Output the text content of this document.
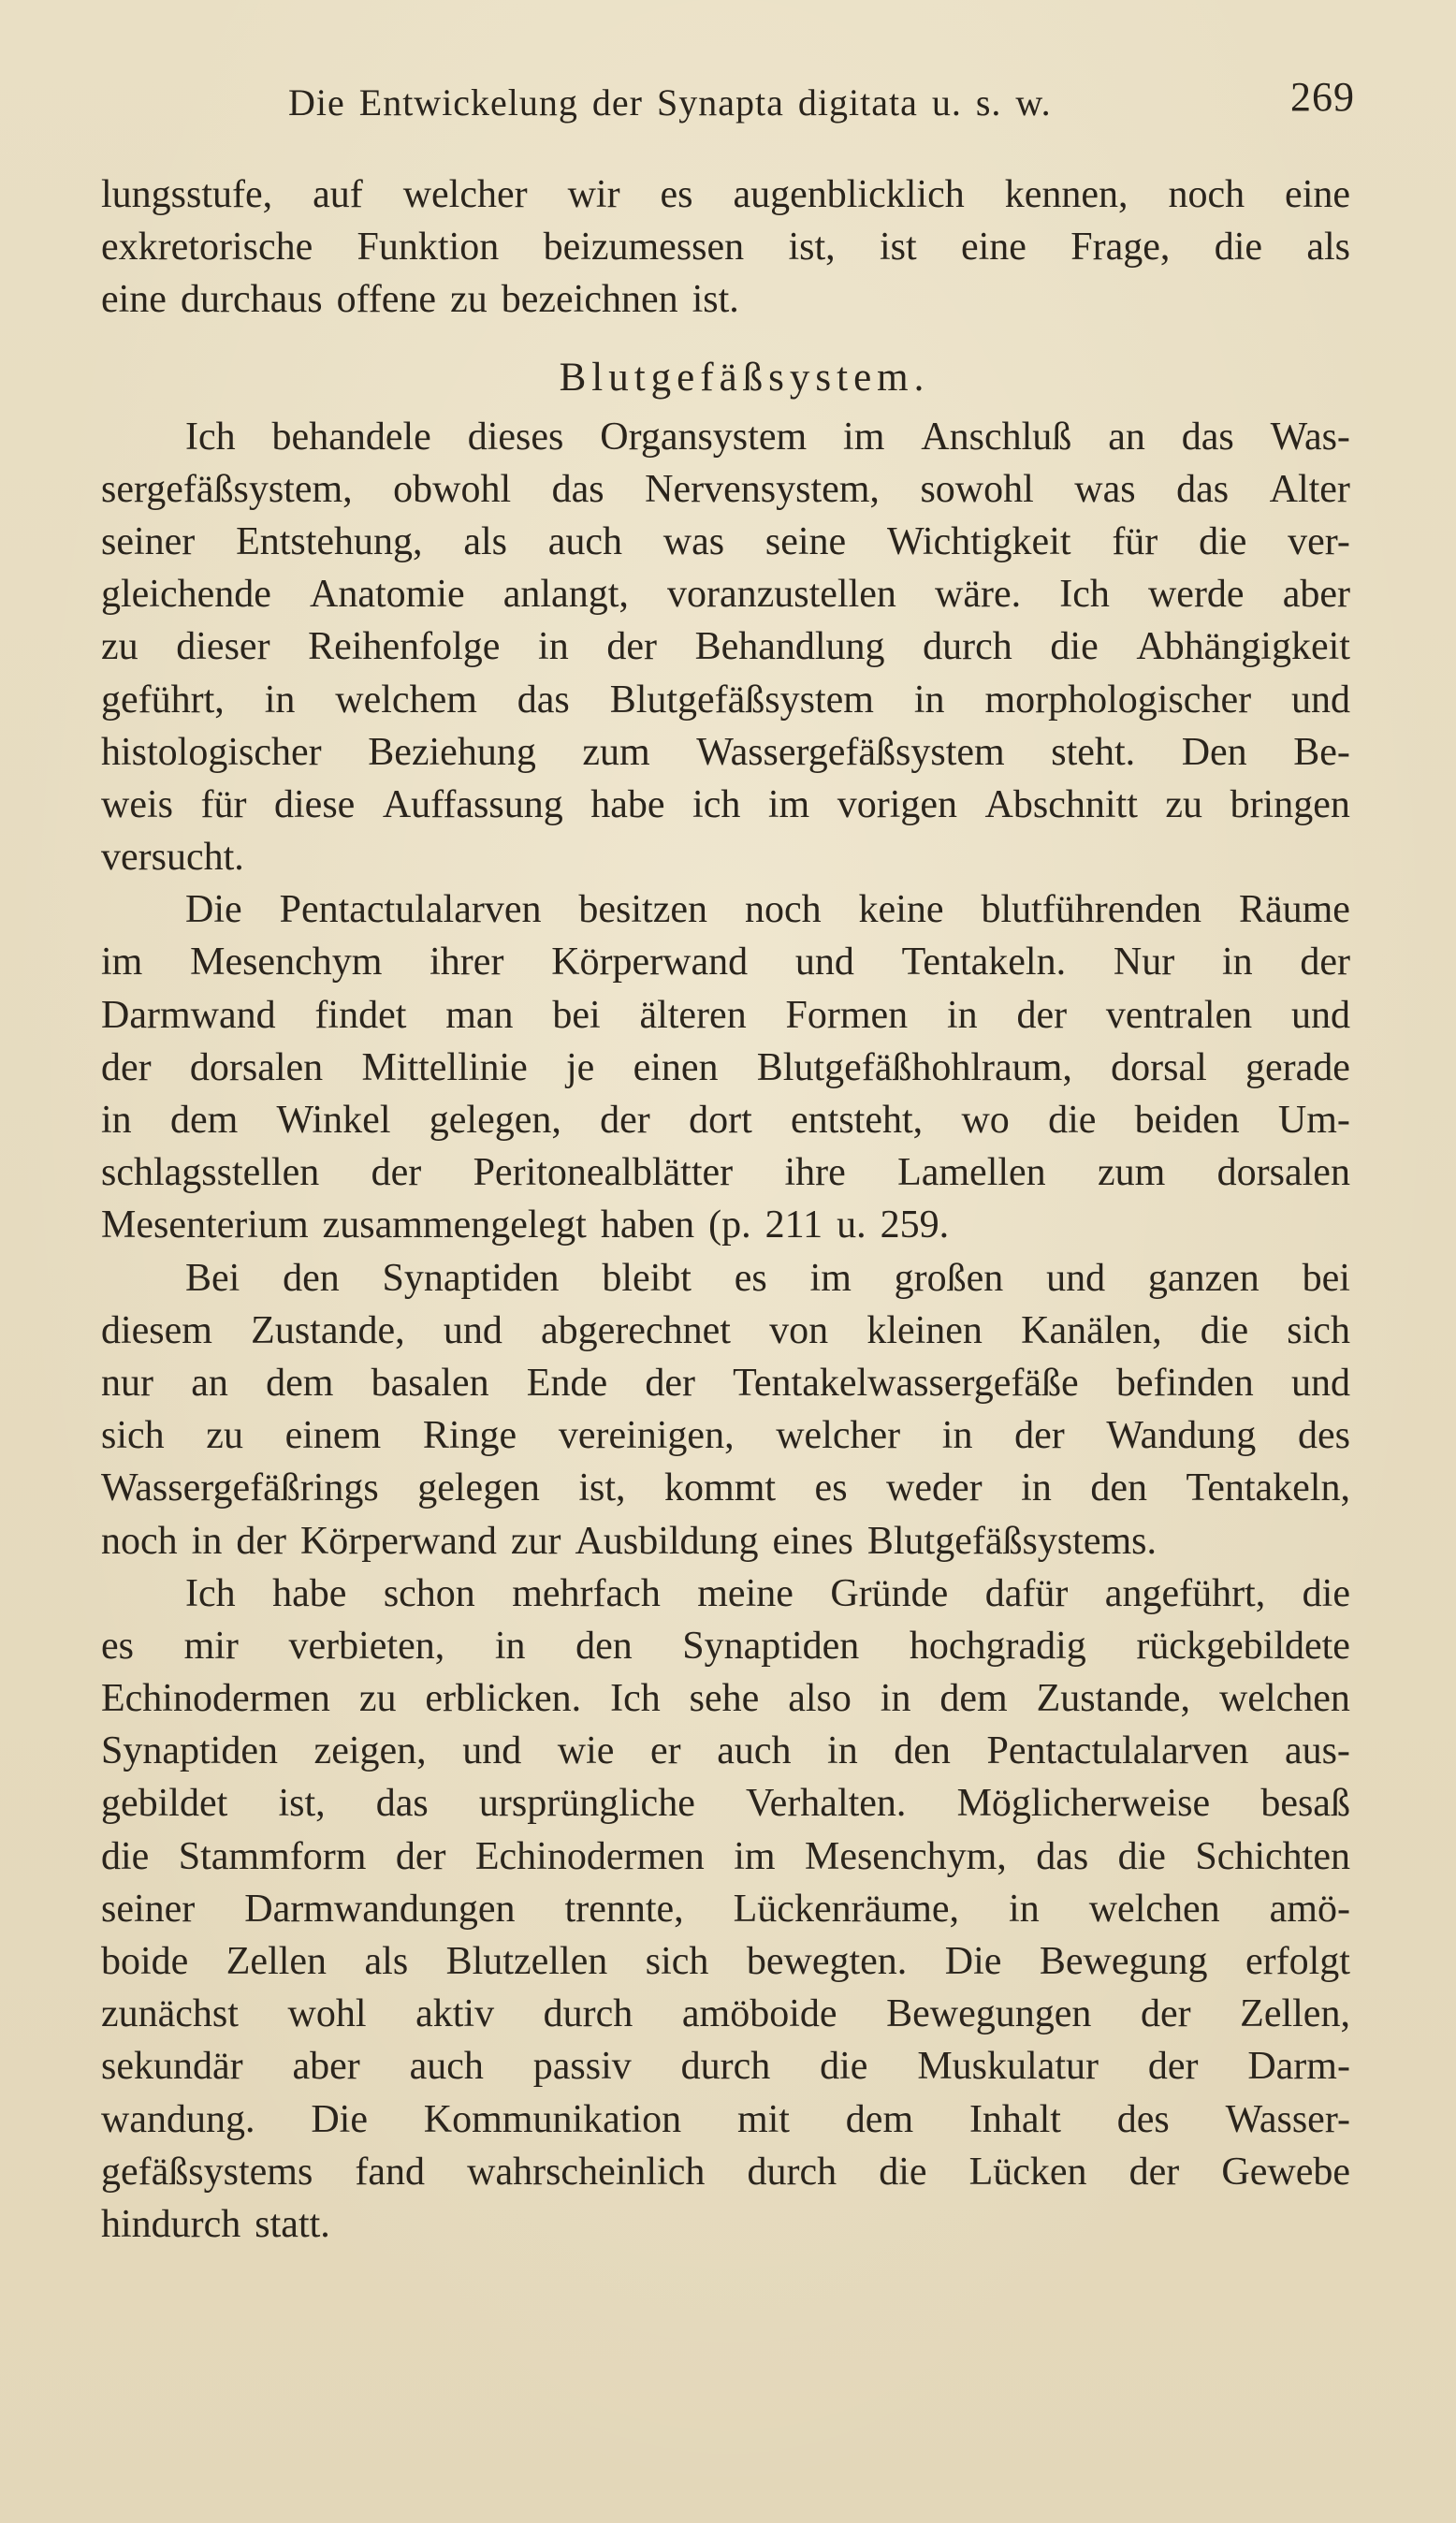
Die Entwickelung der Synapta digitata u. s. w.	269
lungsstufe, auf welcher wir es augenblicklich kennen, noch eine
exkretorische Funktion beizumessen ist, ist eine Frage, die als
eine durchaus offene zu bezeichnen ist.
Blutgefäßsystem.
Ich behandele dieses Organsystem im Anschluß an das Was-
sergefäßsystem, obwohl das Nervensystem, sowohl was das Alter
seiner Entstehung, als auch was seine Wichtigkeit für die ver-
gleichende Anatomie anlangt, voranzustellen wäre. Ich werde aber
zu dieser Reihenfolge in der Behandlung durch die Abhängigkeit
geführt, in welchem das Blutgefäßsystem in morphologischer und
histologischer Beziehung zum Wassergefäßsystem steht. Den Be-
weis für diese Auffassung habe ich im vorigen Abschnitt zu bringen
versucht.
Die Pentactulalarven besitzen noch keine blutführenden Räume
im Mesenchym ihrer Körperwand und Tentakeln. Nur in der
Darmwand findet man bei älteren Formen in der ventralen und
der dorsalen Mittellinie je einen Blutgefäßhohlraum, dorsal gerade
in dem Winkel gelegen, der dort entsteht, wo die beiden Um-
schlagsstellen der Peritonealblätter ihre Lamellen zum dorsalen
Mesenterium zusammengelegt haben (p. 211 u. 259.
Bei den Synaptiden bleibt es im großen und ganzen bei
diesem Zustande, und abgerechnet von kleinen Kanälen, die sich
nur an dem basalen Ende der Tentakelwassergefäße befinden und
sich zu einem Ringe vereinigen, welcher in der Wandung des
Wassergefäßrings gelegen ist, kommt es weder in den Tentakeln,
noch in der Körperwand zur Ausbildung eines Blutgefäßsystems.
Ich habe schon mehrfach meine Gründe dafür angeführt, die
es mir verbieten, in den Synaptiden hochgradig rückgebildete
Echinodermen zu erblicken. Ich sehe also in dem Zustande, welchen
Synaptiden zeigen, und wie er auch in den Pentactulalarven aus-
gebildet ist, das ursprüngliche Verhalten. Möglicherweise besaß
die Stammform der Echinodermen im Mesenchym, das die Schichten
seiner Darmwandungen trennte, Lückenräume, in welchen amö-
boide Zellen als Blutzellen sich bewegten. Die Bewegung erfolgt
zunächst wohl aktiv durch amöboide Bewegungen der Zellen,
sekundär aber auch passiv durch die Muskulatur der Darm-
wandung. Die Kommunikation mit dem Inhalt des Wasser-
gefäßsystems fand wahrscheinlich durch die Lücken der Gewebe
hindurch statt.
